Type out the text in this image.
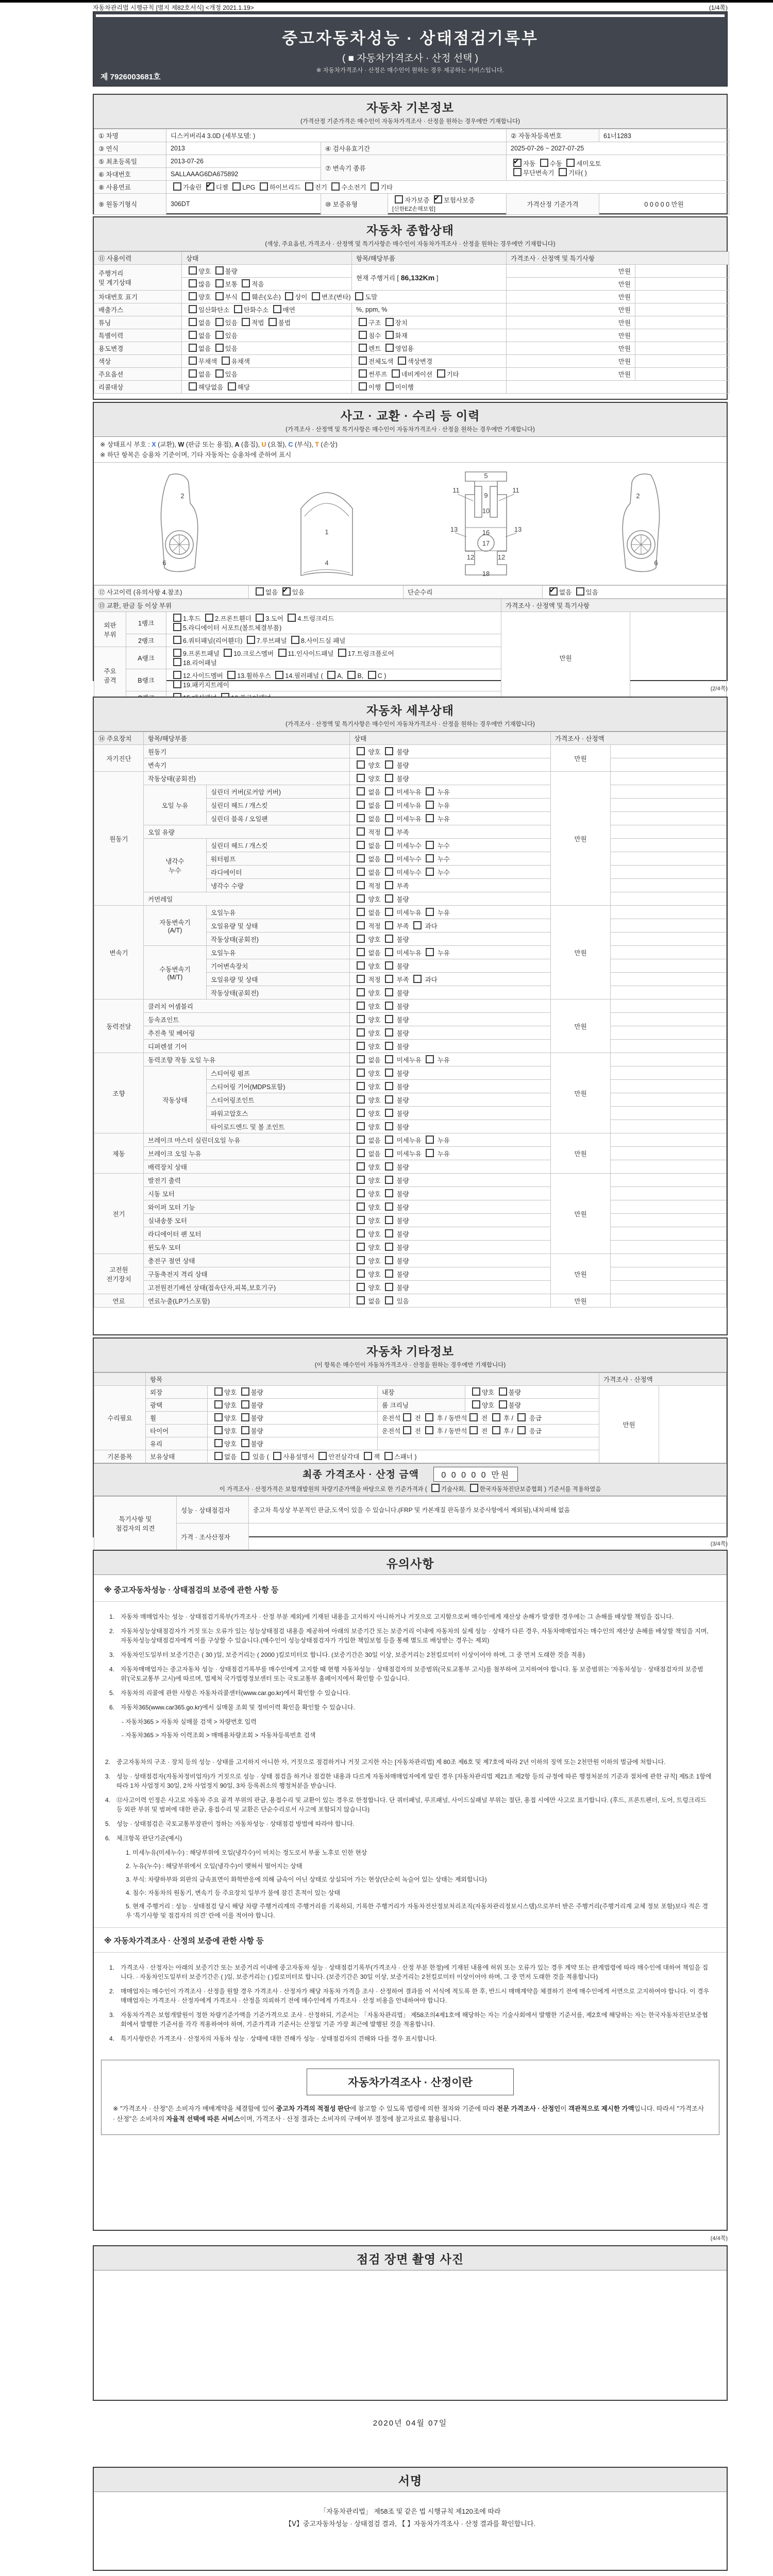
자동차관리법 시행규칙 [별지 제82호서식] <개정 2021.1.19>	(1/4쪽)
중고자동차성능 · 상태점검기록부
( ■ 자동차가격조사 · 산정 선택 )
※ 자동차가격조사 · 산정은 매수인이 원하는 경우 제공하는 서비스입니다.
제 7926003681호
자동차 기본정보
(가격산정 기준가격은 매수인이 자동차가격조사 · 산정을 원하는 경우에만 기재합니다)
① 차명	디스커버리4 3.0D (세부모델: )			② 자동차등록번호	61너1283
③ 연식	2013	④ 검사유효기간		2025-07-26 ~ 2027-07-25	
⑤ 최초등록일	2013-07-26	⑦ 변속기 종류	✔자동 수동 세미오토
무단변속기 기타( )
⑥ 차대번호	SALLAAAG6DA675892				
⑧ 사용연료	가솔린 ✔디젤 LPG 하이브리드 전기 수소전기 기타
⑨ 원동기형식	306DT	⑩ 보증유형	자가보증 ✔보험사보증 [신한EZ손해보험]	가격산정 기준가격	0 0 0 0 0 만원
자동차 종합상태
(색상, 주요옵션, 가격조사 · 산정액 및 특기사항은 매수인이 자동차가격조사 · 산정을 원하는 경우에만 기재합니다)
⑪ 사용이력	상태	항목/해당부품	가격조사 · 산정액 및 특기사항	
주행거리
및 계기상태	양호 불량	현재 주행거리 [ 86,132Km ]	만원	
	많음 보통 적음		만원	
차대번호 표기	양호 부식 훼손(오손) 상이 변조(변타) 도말		만원	
배출가스	일산화탄소 탄화수소 매연	%, ppm, %	만원	
튜닝	없음 있음 적법 불법	구조 장치	만원	
특별이력	없음 있음	침수 화재	만원	
용도변경	없음 있음	렌트 영업용	만원	
색상	무채색 유채색	전체도색 색상변경	만원	
주요옵션	없음 있음	썬루프 네비게이션 기타	만원	
리콜대상	해당없음 해당	이행 미이행		
사고 · 교환 · 수리 등 이력
(가격조사 · 산정액 및 특기사항은 매수인이 자동차가격조사 · 산정을 원하는 경우에만 기재합니다)
※ 상태표시 부호 : X (교환), W (판금 또는 용접), A (흠집), U (요철), C (부식), T (손상)
※ 하단 항목은 승용차 기준이며, 기타 자동차는 승용차에 준하여 표시
2
6
1
4
5
11	11
9
10
13	13
12	12
16
17
18
2
6
⑫ 사고이력 (유의사항 4.참조)	없음 ✔있음	단순수리	✔없음 있음
⑬ 교환, 판금 등 이상 부위			가격조사 · 산정액 및 특기사항	
외판
부위	1랭크	1.후드 2.프론트휀더 3.도어 4.트렁크리드
5.라디에이터 서포트(볼트체결부품)	만원	
	2랭크	6.쿼터패널(리어휀더) 7.루브패널 8.사이드실 패널		
주요
골격	A랭크	9.프론트패널 10.크로스멤버 11.인사이드패널 17.트렁크플로어
18.리어패널		
	B랭크	12.사이드멤버 13.휠하우스 14.필러패널 ( A, B, C )
19.패키지트레이		
		(2/4쪽)
자동차 세부상태
(가격조사 · 산정액 및 특기사항은 매수인이 자동차가격조사 · 산정을 원하는 경우에만 기재합니다)
⑭ 주요장치	항목/해당부품		상태	가격조사 · 산정액	
자기진단	원동기		양호  불량	만원	
	변속기		양호  불량		
원동기	작동상태(공회전)		양호  불량	만원	
	오일 누유	실린더 커버(로커암 커버)	없음  미세누유  누유		
		실린더 헤드 / 개스킷	없음  미세누유  누유		
		실린더 블록 / 오일팬	없음  미세누유  누유		
	오일 유량		적정  부족		
	냉각수
누수	실린더 헤드 / 개스킷	없음  미세누수  누수		
		워터펌프	없음  미세누수  누수		
		라디에이터	없음  미세누수  누수		
		냉각수 수량	적정  부족		
	커먼레일		양호  불량		
변속기	자동변속기
(A/T)	오일누유	없음  미세누유  누유	만원	
		오일유량 및 상태	적정  부족  과다		
		작동상태(공회전)	양호  불량		
	수동변속기
(M/T)	오일누유	없음  미세누유  누유		
		기어변속장치	양호  불량		
		오일유량 및 상태	적정  부족  과다		
		작동상태(공회전)	양호  불량		
동력전달	클러치 어셈블리		양호  불량	만원	
	등속죠인트		양호  불량		
	추진축 및 베어링		양호  불량		
	디퍼렌셜 기어		양호  불량		
조향	동력조향 작동 오일 누유		없음  미세누유  누유	만원	
	작동상태	스티어링 펌프	양호  불량		
		스티어링 기어(MDPS포함)	양호  불량		
		스티어링조인트	양호  불량		
		파워고압호스	양호  불량		
		타이로드엔드 및 볼 조인트	양호  불량		
제동	브레이크 마스터 실린더오일 누유		없음  미세누유  누유	만원	
	브레이크 오일 누유		없음  미세누유  누유		
	배력장치 상태		양호  불량		
전기	발전기 출력		양호  불량	만원	
	시동 모터		양호  불량		
	와이퍼 모터 기능		양호  불량		
	실내송풍 모터		양호  불량		
	라디에이터 팬 모터		양호  불량		
	윈도우 모터		양호  불량		
고전원
전기장치	충전구 절연 상태		양호  불량	만원	
	구동축전지 격리 상태		양호  불량		
	고전원전기배선 상태(접속단자,피복,보호기구)		양호  불량		
연료	연료누출(LP가스포함)		없음  있음	만원	
자동차 기타정보
(이 항목은 매수인이 자동차가격조사 · 산정을 원하는 경우에만 기재합니다)
	항목				가격조사 · 산정액	
수리필요	외장	양호 불량	내장	양호 불량	만원	
	광택	양호 불량	룸 크리닝	양호 불량		
	휠	양호 불량	운전석 전  후 / 동반석 전  후 /  응급			
	타이어	양호 불량	운전석 전  후 / 동반석 전  후 /  응급			
	유리	양호 불량				
기본품목	보유상태	없음  있음 ( 사용설명서 안전삼각대 잭 스패너 )				
최종 가격조사 · 산정 금액	0 0 0 0 0 만원
이 가격조사 · 산정가격은 보험개발원의 차량기준가액을 바탕으로 한 기준가격과 ( 기술사회, 한국자동차진단보증협회 ) 기준서를 적용하였음
특기사항 및
점검자의 의견	성능 · 상태점검자	중고차 특성상 부분적인 판금,도색이 있을 수 있습니다.(FRP 및 카본재질 판독불가 보증사항에서 제외됨),내차피해 없음
	가격 · 조사산정자	
(3/4쪽)
유의사항
※ 중고자동차성능 · 상태점검의 보증에 관한 사항 등
1. 자동차 매매업자는 성능 · 상태점검기록부(가격조사 · 산정 부분 제외)에 기재된 내용을 고지하지 아니하거나 거짓으로 고지함으로써 매수인에게 재산상 손해가 발생한 경우에는 그 손해를 배상할 책임을 집니다.
2. 자동차성능상태점검자가 거짓 또는 오류가 있는 성능상태점검 내용을 제공하여 아래의 보증기간 또는 보증거리 이내에 자동차의 실제 성능 · 상태가 다른 경우, 자동차매매업자는 매수인의 재산상 손해를 배상할 책임을 지며, 자동차성능상태점검자에게 이를 구상할 수 있습니다.(매수인이 성능상태점검자가 가입한 책임보험 등을 통해 별도로 배상받는 경우는 제외)
3. 자동차인도일부터 보증기간은 ( 30 )일, 보증거리는 ( 2000 )킬로미터로 합니다. (보증기간은 30일 이상, 보증거리는 2천킬로미터 이상이어야 하며, 그 중 먼저 도래한 것을 적용)
4. 자동차매매업자는 중고자동차 성능 · 상태점검기록부를 매수인에게 고지할 때 현행 자동차성능 · 상태점검자의 보증범위(국토교통부 고시)를 첨부하여 고지하여야 합니다. 동 보증범위는 '자동차성능 · 상태점검자의 보증범위'(국토교통부 고시)에 따르며, 법제처 국가법령정보센터 또는 국토교통부 홈페이지에서 확인할 수 있습니다.
5. 자동차의 리콜에 관한 사항은 자동차리콜센터(www.car.go.kr)에서 확인할 수 있습니다.
6. 자동차365(www.car365.go.kr)에서 실매물 조회 및 정비이력 확인을 확인할 수 있습니다.
- 자동차365 > 자동차 실매물 검색 > 차량번호 입력
- 자동차365 > 자동차 이력조회 > 매매용차량조회 > 자동차등록번호 검색
2. 중고자동차의 구조 · 장치 등의 성능 · 상태를 고지하지 아니한 자, 거짓으로 점검하거나 거짓 고지한 자는 [자동차관리법] 제 80조 제6호 및 제7호에 따라 2년 이하의 징역 또는 2천만원 이하의 벌금에 처합니다.
3. 성능 · 상태점검자(자동차정비업자)가 거짓으로 성능 · 상태 점검을 하거나 점검한 내용과 다르게 자동차매매업자에게 알린 경우 [자동차관리법 제21조 제2항 등의 규정에 따른 행정처분의 기준과 절차에 관한 규칙] 제5조 1항에 따라 1차 사업정지 30일, 2차 사업정지 90일, 3차 등록취소의 행정처분을 받습니다.
4. ⑫사고이력 인정은 사고로 자동차 주요 골격 부위의 판금, 용접수리 및 교환이 있는 경우로 한정합니다. 단 쿼터패널, 루프패널, 사이드실패널 부위는 절단, 용접 시에만 사고로 표기합니다. (후드, 프론트펜더, 도어, 트렁크리드 등 외판 부위 및 범퍼에 대한 판금, 용접수리 및 교환은 단순수리로서 사고에 포함되지 않습니다)
5. 성능 · 상태점검은 국토교통부장관이 정하는 자동차성능 · 상태점검 방법에 따라야 합니다.
6. 체크항목 판단기준(예시)
1. 미세누유(미세누수) : 해당부위에 오일(냉각수)이 비치는 정도로서 부품 노후로 인한 현상
2. 누유(누수) : 해당부위에서 오일(냉각수)이 맺혀서 떨어지는 상태
3. 부식: 차량하부와 외판의 금속표면이 화학반응에 의해 금속이 아닌 상태로 상실되어 가는 현상(단순히 녹슬어 있는 상태는 제외합니다)
4. 침수: 자동차의 원동기, 변속기 등 주요장치 일부가 물에 잠긴 흔적이 있는 상태
5. 현재 주행거리 : 성능 · 상태점검 당시 해당 차량 주행거리계의 주행거리를 기록하되, 기록한 주행거리가 자동차전산정보처리조직(자동차관리정보시스템)으로부터 받은 주행거리(주행거리계 교체 정보 포함)보다 적은 경우 '특기사항 및 점검자의 의견' 란에 이를 적어야 합니다.
※ 자동차가격조사 · 산정의 보증에 관한 사항 등
1. 가격조사 · 산정자는 아래의 보증기간 또는 보증거리 이내에 중고자동차 성능 · 상태점검기록부(가격조사 · 산정 부분 한정)에 기재된 내용에 허위 또는 오류가 있는 경우 계약 또는 관계법령에 따라 매수인에 대하여 책임을 집니다. · 자동차인도일부터 보증기간은 ( )일, 보증거리는 ( )킬로미터로 합니다. (보증기간은 30일 이상, 보증거리는 2천킬로미터 이상이어야 하며, 그 중 먼저 도래한 것을 적용합니다)
2. 매매업자는 매수인이 가격조사 · 산정을 원할 경우 가격조사 · 산정자가 해당 자동차 가격을 조사 · 산정하여 결과를 이 서식에 적도록 한 후, 반드시 매매계약을 체결하기 전에 매수인에게 서면으로 고지하여야 합니다. 이 경우 매매업자는 가격조사 · 산정자에게 가격조사 · 산정을 의뢰하기 전에 매수인에게 가격조사 · 산정 비용을 안내하여야 합니다.
3. 자동차가격은 보험개발원이 정한 차량기준가액을 기준가격으로 조사 · 산정하되, 기준서는 「자동차관리법」 제58조의4제1호에 해당하는 자는 기술사회에서 발행한 기준서를, 제2호에 해당하는 자는 한국자동차진단보증협회에서 발행한 기준서를 각각 적용하여야 하며, 기준가격과 기준서는 산정일 기준 가장 최근에 발행된 것을 적용합니다.
4. 특기사항란은 가격조사 · 산정자의 자동차 성능 · 상태에 대한 견해가 성능 · 상태점검자의 견해와 다를 경우 표시합니다.
자동차가격조사 · 산정이란
※ "가격조사 · 산정"은 소비자가 매매계약을 체결함에 있어 중고차 가격의 적절성 판단에 참고할 수 있도록 법령에 의한 절차와 기준에 따라 전문 가격조사 · 산정인이 객관적으로 제시한 가액입니다. 따라서 "가격조사 · 산정"은 소비자의 자율적 선택에 따른 서비스이며, 가격조사 · 산정 결과는 소비자의 구매여부 결정에 참고자료로 활용됩니다.
(4/4쪽)
점검 장면 촬영 사진
2020년 04월 07일
서명
「자동차관리법」 제58조 및 같은 법 시행규칙 제120조에 따라
【Ⅴ】중고자동차성능 · 상태점검 결과, 【 】자동차가격조사 · 산정 결과를 확인합니다.
